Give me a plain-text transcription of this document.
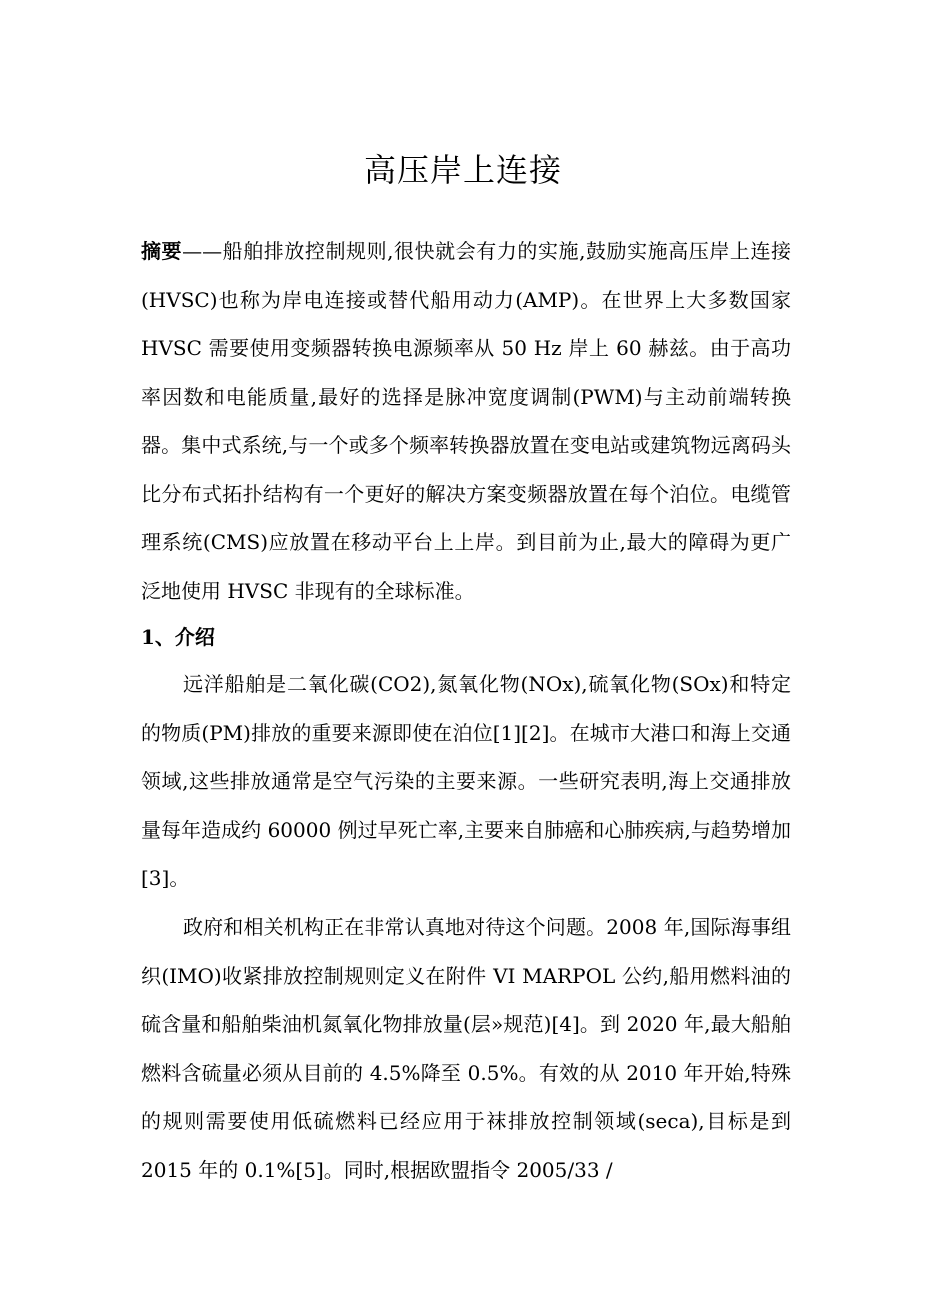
高压岸上连接

摘要——船舶排放控制规则,很快就会有力的实施,鼓励实施高压岸上连接(HVSC)也称为岸电连接或替代船用动力(AMP)。在世界上大多数国家 HVSC 需要使用变频器转换电源频率从 50 Hz 岸上 60 赫兹。由于高功率因数和电能质量,最好的选择是脉冲宽度调制(PWM)与主动前端转换器。集中式系统,与一个或多个频率转换器放置在变电站或建筑物远离码头比分布式拓扑结构有一个更好的解决方案变频器放置在每个泊位。电缆管理系统(CMS)应放置在移动平台上上岸。到目前为止,最大的障碍为更广泛地使用 HVSC 非现有的全球标准。

1、介绍

远洋船舶是二氧化碳(CO2),氮氧化物(NOx),硫氧化物(SOx)和特定的物质(PM)排放的重要来源即使在泊位[1][2]。在城市大港口和海上交通领域,这些排放通常是空气污染的主要来源。一些研究表明,海上交通排放量每年造成约 60000 例过早死亡率,主要来自肺癌和心肺疾病,与趋势增加[3]。

政府和相关机构正在非常认真地对待这个问题。2008 年,国际海事组织(IMO)收紧排放控制规则定义在附件 VI MARPOL 公约,船用燃料油的硫含量和船舶柴油机氮氧化物排放量(层»规范)[4]。到 2020 年,最大船舶燃料含硫量必须从目前的 4.5%降至 0.5%。有效的从 2010 年开始,特殊的规则需要使用低硫燃料已经应用于袜排放控制领域(seca),目标是到 2015 年的 0.1%[5]。同时,根据欧盟指令 2005/33 /
